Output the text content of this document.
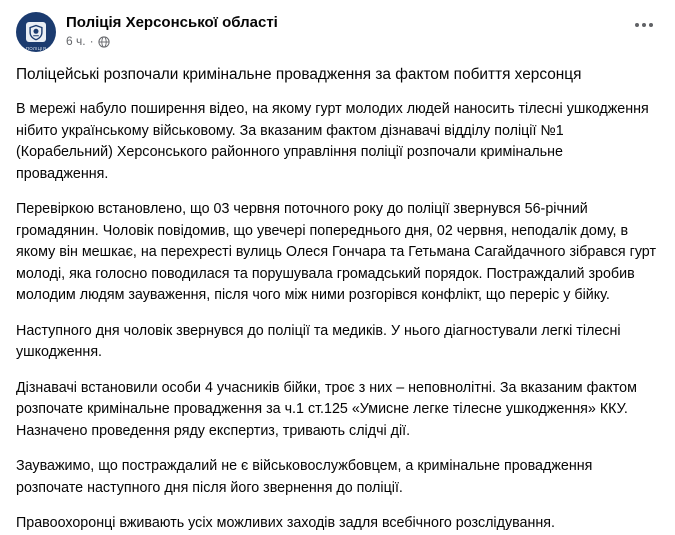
ПОЛІЦІЯ
Поліція Херсонської області
6 ч. ·

Поліцейські розпочали кримінальне провадження за фактом побиття херсонця

В мережі набуло поширення відео, на якому гурт молодих людей наносить тілесні ушкодження нібито українському військовому. За вказаним фактом дізнавачі відділу поліції №1 (Корабельний) Херсонського районного управління поліції розпочали кримінальне провадження.

Перевіркою встановлено, що 03 червня поточного року до поліції звернувся 56-річний громадянин. Чоловік повідомив, що увечері попереднього дня, 02 червня, неподалік дому, в якому він мешкає, на перехресті вулиць Олеся Гончара та Гетьмана Сагайдачного зібрався гурт молоді, яка голосно поводилася та порушувала громадський порядок. Постраждалий зробив молодим людям зауваження, після чого між ними розгорівся конфлікт, що переріс у бійку.

Наступного дня чоловік звернувся до поліції та медиків. У нього діагностували легкі тілесні ушкодження.

Дізнавачі встановили особи 4 учасників бійки, троє з них – неповнолітні. За вказаним фактом розпочате кримінальне провадження за ч.1 ст.125 «Умисне легке тілесне ушкодження» ККУ. Назначено проведення ряду експертиз, тривають слідчі дії.

Зауважимо, що постраждалий не є військовослужбовцем, а кримінальне провадження розпочате наступного дня після його звернення до поліції.

Правоохоронці вживають усіх можливих заходів задля всебічного розслідування.
